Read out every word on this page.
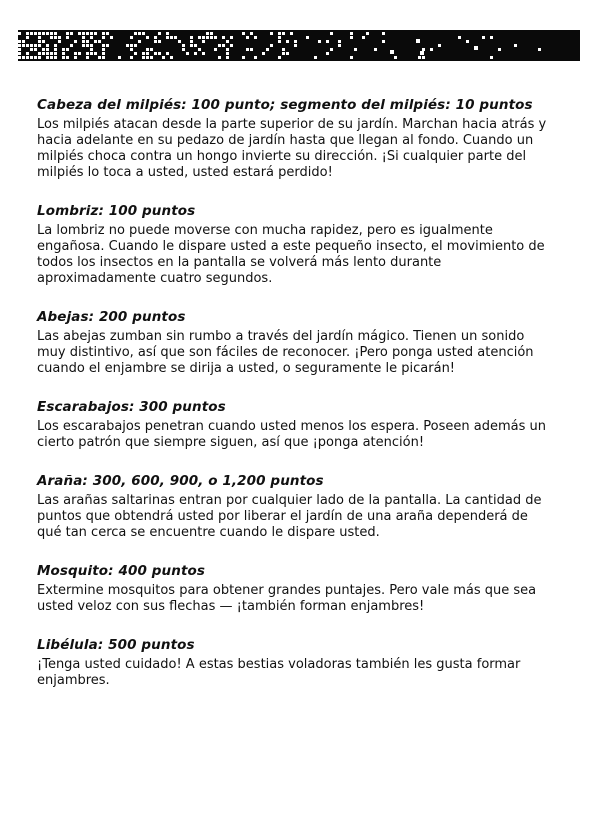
Cabeza del milpiés: 100 punto; segmento del milpiés: 10 puntos

Los milpiés atacan desde la parte superior de su jardín. Marchan hacia atrás y hacia adelante en su pedazo de jardín hasta que llegan al fondo. Cuando un milpiés choca contra un hongo invierte su dirección. ¡Si cualquier parte del milpiés lo toca a usted, usted estará perdido!

Lombriz: 100 puntos

La lombriz no puede moverse con mucha rapidez, pero es igualmente engañosa. Cuando le dispare usted a este pequeño insecto, el movimiento de todos los insectos en la pantalla se volverá más lento durante aproximadamente cuatro segundos.

Abejas: 200 puntos

Las abejas zumban sin rumbo a través del jardín mágico. Tienen un sonido muy distintivo, así que son fáciles de reconocer. ¡Pero ponga usted atención cuando el enjambre se dirija a usted, o seguramente le picarán!

Escarabajos: 300 puntos

Los escarabajos penetran cuando usted menos los espera. Poseen además un cierto patrón que siempre siguen, así que ¡ponga atención!

Araña: 300, 600, 900, o 1,200 puntos

Las arañas saltarinas entran por cualquier lado de la pantalla. La cantidad de puntos que obtendrá usted por liberar el jardín de una araña dependerá de qué tan cerca se encuentre cuando le dispare usted.

Mosquito: 400 puntos

Extermine mosquitos para obtener grandes puntajes. Pero vale más que sea usted veloz con sus flechas — ¡también forman enjambres!

Libélula: 500 puntos

¡Tenga usted cuidado! A estas bestias voladoras también les gusta formar enjambres.
